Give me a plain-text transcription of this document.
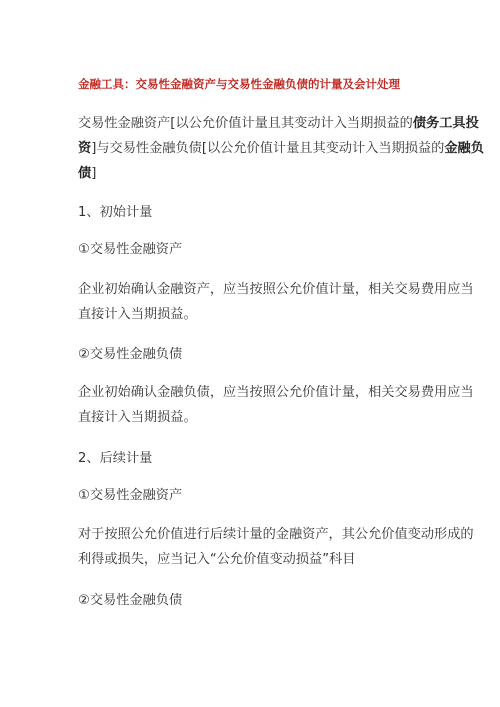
金融工具：交易性金融资产与交易性金融负债的计量及会计处理
交易性金融资产[以公允价值计量且其变动计入当期损益的债务工具投
资]与交易性金融负债[以公允价值计量且其变动计入当期损益的金融负
债]
1、初始计量
①交易性金融资产
企业初始确认金融资产，应当按照公允价值计量，相关交易费用应当
直接计入当期损益。
②交易性金融负债
企业初始确认金融负债，应当按照公允价值计量，相关交易费用应当
直接计入当期损益。
2、后续计量
①交易性金融资产
对于按照公允价值进行后续计量的金融资产，其公允价值变动形成的
利得或损失，应当记入“公允价值变动损益”科目
②交易性金融负债
